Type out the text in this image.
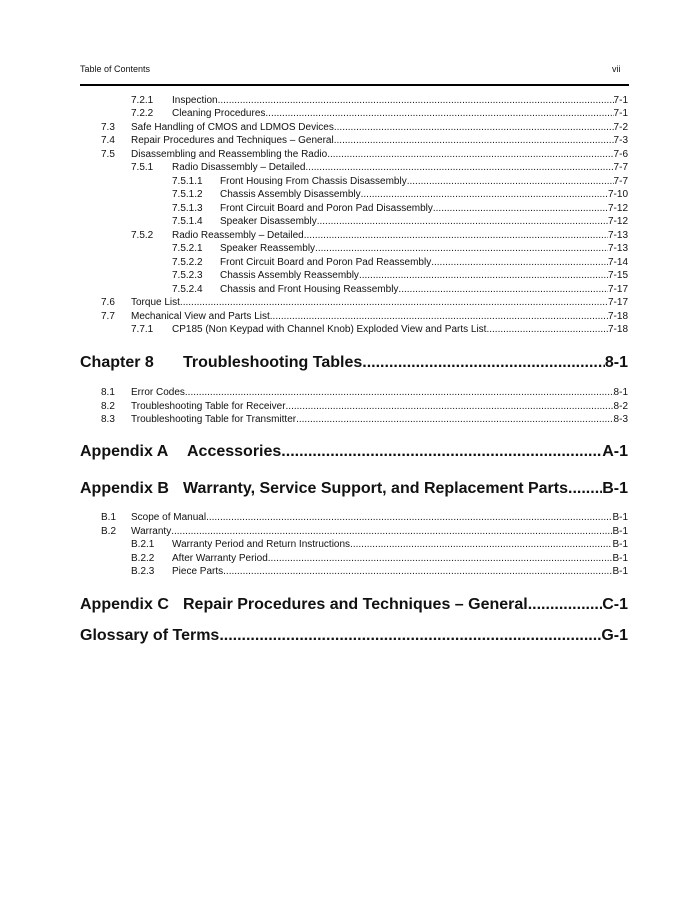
Table of Contents	vii
7.2.1 Inspection .....	7-1
7.2.2 Cleaning Procedures .....	7-1
7.3 Safe Handling of CMOS and LDMOS Devices .....	7-2
7.4 Repair Procedures and Techniques – General .....	7-3
7.5 Disassembling and Reassembling the Radio .....	7-6
7.5.1 Radio Disassembly – Detailed .....	7-7
7.5.1.1 Front Housing From Chassis Disassembly .....	7-7
7.5.1.2 Chassis Assembly Disassembly .....	7-10
7.5.1.3 Front Circuit Board and Poron Pad Disassembly .....	7-12
7.5.1.4 Speaker Disassembly .....	7-12
7.5.2 Radio Reassembly – Detailed .....	7-13
7.5.2.1 Speaker Reassembly .....	7-13
7.5.2.2 Front Circuit Board and Poron Pad Reassembly .....	7-14
7.5.2.3 Chassis Assembly Reassembly .....	7-15
7.5.2.4 Chassis and Front Housing Reassembly .....	7-17
7.6 Torque List .....	7-17
7.7 Mechanical View and Parts List .....	7-18
7.7.1 CP185 (Non Keypad with Channel Knob) Exploded View and Parts List .....	7-18
Chapter 8	Troubleshooting Tables .....	8-1
8.1 Error Codes .....	8-1
8.2 Troubleshooting Table for Receiver .....	8-2
8.3 Troubleshooting Table for Transmitter .....	8-3
Appendix A	Accessories .....	A-1
Appendix B Warranty, Service Support, and Replacement Parts ..... B-1
B.1 Scope of Manual .....	B-1
B.2 Warranty .....	B-1
B.2.1 Warranty Period and Return Instructions .....	B-1
B.2.2 After Warranty Period .....	B-1
B.2.3 Piece Parts .....	B-1
Appendix C Repair Procedures and Techniques – General .....	C-1
Glossary of Terms .....	G-1
